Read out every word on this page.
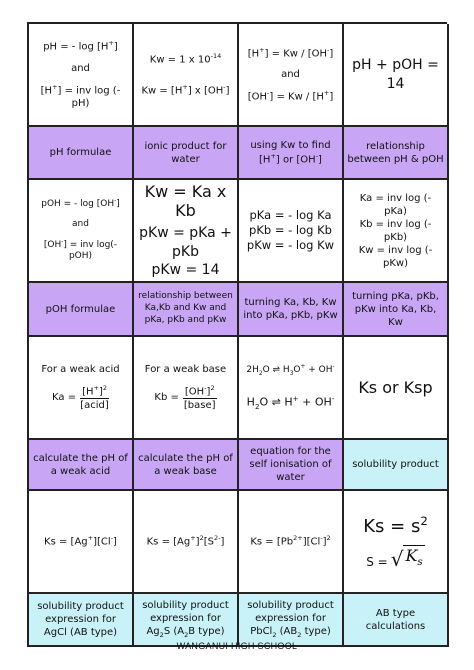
pH = - log [H+]
and
[H+] = inv log (- pH)
Kw = 1 x $10^{-14}$
Kw = [H+] x [OH-]
[H+] = Kw / [OH-]
and
[OH-] = Kw / [H+]
pH + pOH = 14
pH formulae
ionic product for water
using Kw to find
[H+] or [OH-]
relationship between pH & pOH
pOH = - log [OH-]
and
[OH-] = inv log(- pOH)
Kw = Ka x Kb
pKw = pKa + pKb
pKw = 14
pKa = - log Ka
pKb = - log Kb
pKw = - log Kw
Ka = inv log (- pKa)
Kb = inv log (- pKb)
Kw = inv log (- pKw)
pOH formulae
relationship between Ka,Kb and Kw and pKa, pKb and pKw
turning Ka, Kb, Kw into pKa, pKb, pKw
turning pKa, pKb, pKw into Ka, Kb, Kw
For a weak acid
$Ka = \frac{[H^+]^2}{\text{[acid]}}$
For a weak base
$Kb = \frac{[OH^-]^2}{\text{[base]}}$
$2H_2O$ ⇌ $H_3O^+ + OH^-$
$H_2O$ ⇌ H+ + OH-
Ks or Ksp
calculate the pH of a weak acid
calculate the pH of a weak base
equation for the self ionisation of water
solubility product
Ks = [Ag+][Cl-]	$Ks = [Ag^+]^2[S^{2-}]$	$Ks = [Pb^{2+}][Cl^-]^2$
$Ks = s^2$
S = √ $K_s$
solubility product expression for
AgCl (AB type)
solubility product expression for
$Ag_2S$ ($A_2B$ type)
solubility product expression for
PbCl$_2$ ($AB_2$ type)
AB type calculations
WANGANUI HIGH SCHOOL
